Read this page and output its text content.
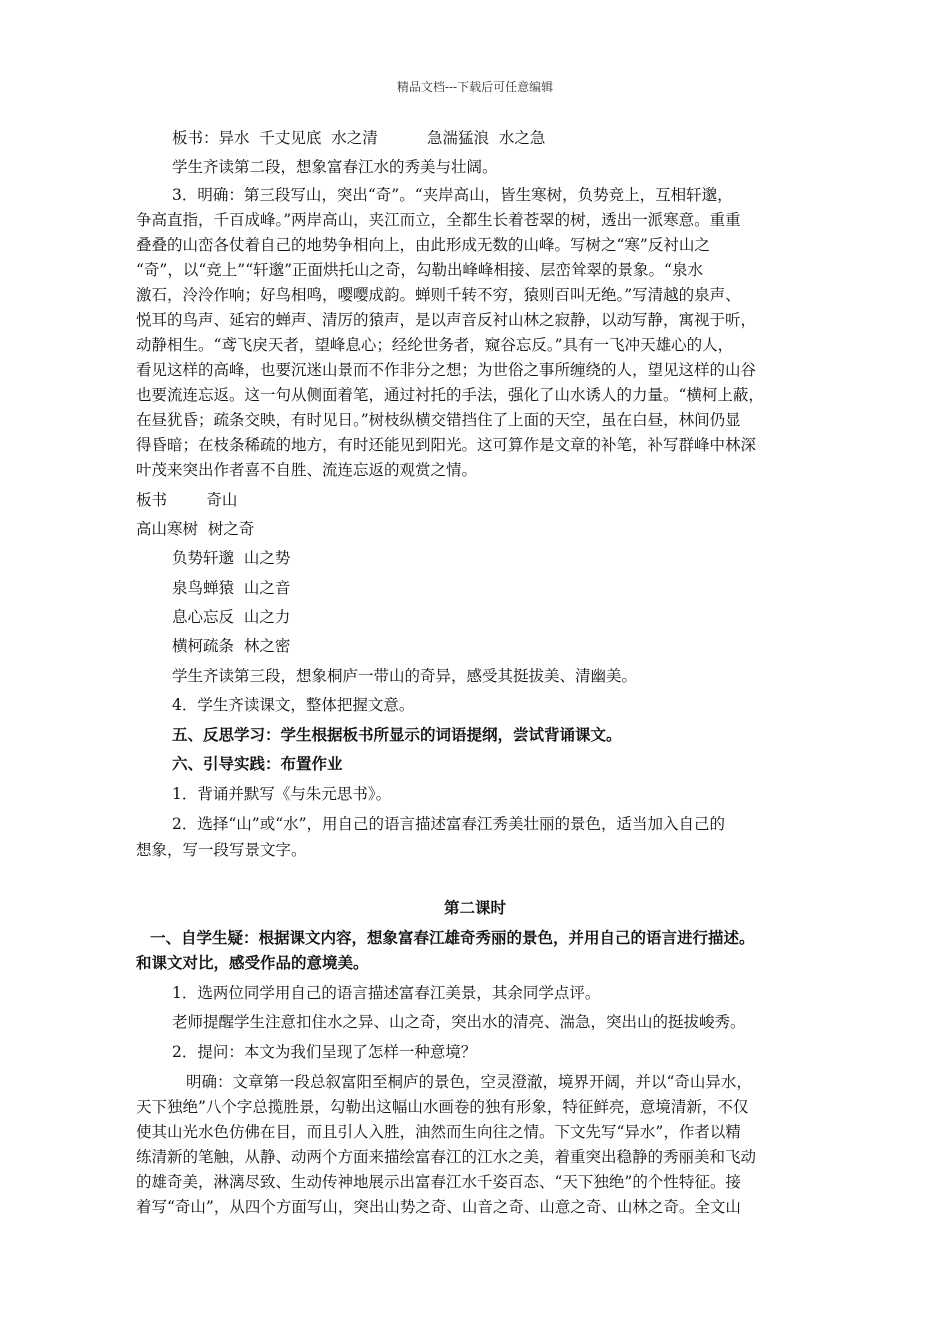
精品文档---下载后可任意编辑
板书：异水  千丈见底  水之清          急湍猛浪  水之急
学生齐读第二段，想象富春江水的秀美与壮阔。
3．明确：第三段写山，突出“奇”。“夹岸高山，皆生寒树，负势竞上，互相轩邈，
争高直指，千百成峰。”两岸高山，夹江而立，全都生长着苍翠的树，透出一派寒意。重重
叠叠的山峦各仗着自己的地势争相向上，由此形成无数的山峰。写树之“寒”反衬山之
“奇”，以“竞上”“轩邈”正面烘托山之奇，勾勒出峰峰相接、层峦耸翠的景象。“泉水
激石，泠泠作响；好鸟相鸣，嘤嘤成韵。蝉则千转不穷，猿则百叫无绝。”写清越的泉声、
悦耳的鸟声、延宕的蝉声、清厉的猿声，是以声音反衬山林之寂静，以动写静，寓视于听，
动静相生。“鸢飞戾天者，望峰息心；经纶世务者，窥谷忘反。”具有一飞冲天雄心的人，
看见这样的高峰，也要沉迷山景而不作非分之想；为世俗之事所缠绕的人，望见这样的山谷
也要流连忘返。这一句从侧面着笔，通过衬托的手法，强化了山水诱人的力量。“横柯上蔽，
在昼犹昏；疏条交映，有时见日。”树枝纵横交错挡住了上面的天空，虽在白昼，林间仍显
得昏暗；在枝条稀疏的地方，有时还能见到阳光。这可算作是文章的补笔，补写群峰中林深
叶茂来突出作者喜不自胜、流连忘返的观赏之情。
板书        奇山
高山寒树  树之奇
负势轩邈  山之势
泉鸟蝉猿  山之音
息心忘反  山之力
横柯疏条  林之密
学生齐读第三段，想象桐庐一带山的奇异，感受其挺拔美、清幽美。
4．学生齐读课文，整体把握文意。
五、反思学习：学生根据板书所显示的词语提纲，尝试背诵课文。
六、引导实践：布置作业
1．背诵并默写《与朱元思书》。
2．选择“山”或“水”，用自己的语言描述富春江秀美壮丽的景色，适当加入自己的
想象，写一段写景文字。
第二课时
一、自学生疑：根据课文内容，想象富春江雄奇秀丽的景色，并用自己的语言进行描述。
和课文对比，感受作品的意境美。
1．选两位同学用自己的语言描述富春江美景，其余同学点评。
老师提醒学生注意扣住水之异、山之奇，突出水的清亮、湍急，突出山的挺拔峻秀。
2．提问：本文为我们呈现了怎样一种意境？
明确：文章第一段总叙富阳至桐庐的景色，空灵澄澈，境界开阔，并以“奇山异水，
天下独绝”八个字总揽胜景，勾勒出这幅山水画卷的独有形象，特征鲜亮，意境清新，不仅
使其山光水色仿佛在目，而且引人入胜，油然而生向往之情。下文先写“异水”，作者以精
练清新的笔触，从静、动两个方面来描绘富春江的江水之美，着重突出稳静的秀丽美和飞动
的雄奇美，淋漓尽致、生动传神地展示出富春江水千姿百态、“天下独绝”的个性特征。接
着写“奇山”，从四个方面写山，突出山势之奇、山音之奇、山意之奇、山林之奇。全文山
